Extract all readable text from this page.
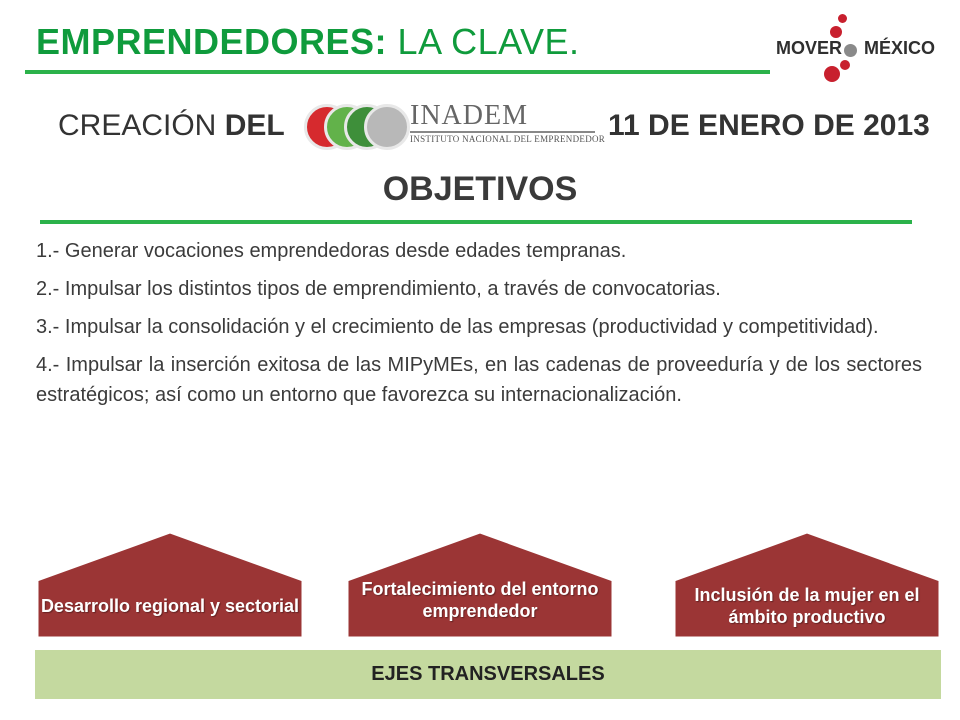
EMPRENDEDORES: LA CLAVE.	MOVER MÉXICO
CREACIÓN DEL	INADEM
INSTITUTO NACIONAL DEL EMPRENDEDOR 11 DE ENERO DE 2013
OBJETIVOS

1.- Generar vocaciones emprendedoras desde edades tempranas.

2.- Impulsar los distintos tipos de emprendimiento, a través de convocatorias.

3.- Impulsar la consolidación y el crecimiento de las empresas (productividad y competitividad).

4.- Impulsar la inserción exitosa de las MIPyMEs, en las cadenas de proveeduría y de los sectores estratégicos; así como un entorno que favorezca su internacionalización.

Desarrollo regional y sectorial
Fortalecimiento del entorno emprendedor
Inclusión de la mujer en el ámbito productivo
EJES TRANSVERSALES
